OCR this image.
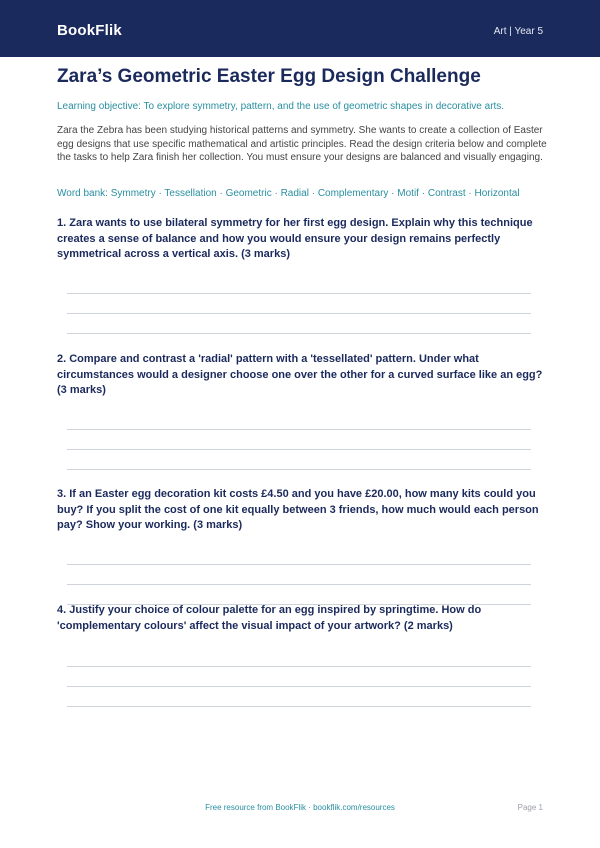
BookFlik	Art | Year 5
Zara’s Geometric Easter Egg Design Challenge
Learning objective: To explore symmetry, pattern, and the use of geometric shapes in decorative arts.
Zara the Zebra has been studying historical patterns and symmetry. She wants to create a collection of Easter egg designs that use specific mathematical and artistic principles. Read the design criteria below and complete the tasks to help Zara finish her collection. You must ensure your designs are balanced and visually engaging.
Word bank: Symmetry · Tessellation · Geometric · Radial · Complementary · Motif · Contrast · Horizontal
1. Zara wants to use bilateral symmetry for her first egg design. Explain why this technique creates a sense of balance and how you would ensure your design remains perfectly symmetrical across a vertical axis. (3 marks)
2. Compare and contrast a 'radial' pattern with a 'tessellated' pattern. Under what circumstances would a designer choose one over the other for a curved surface like an egg? (3 marks)
3. If an Easter egg decoration kit costs £4.50 and you have £20.00, how many kits could you buy? If you split the cost of one kit equally between 3 friends, how much would each person pay? Show your working. (3 marks)
4. Justify your choice of colour palette for an egg inspired by springtime. How do 'complementary colours' affect the visual impact of your artwork? (2 marks)
Free resource from BookFlik · bookflik.com/resources	Page 1
